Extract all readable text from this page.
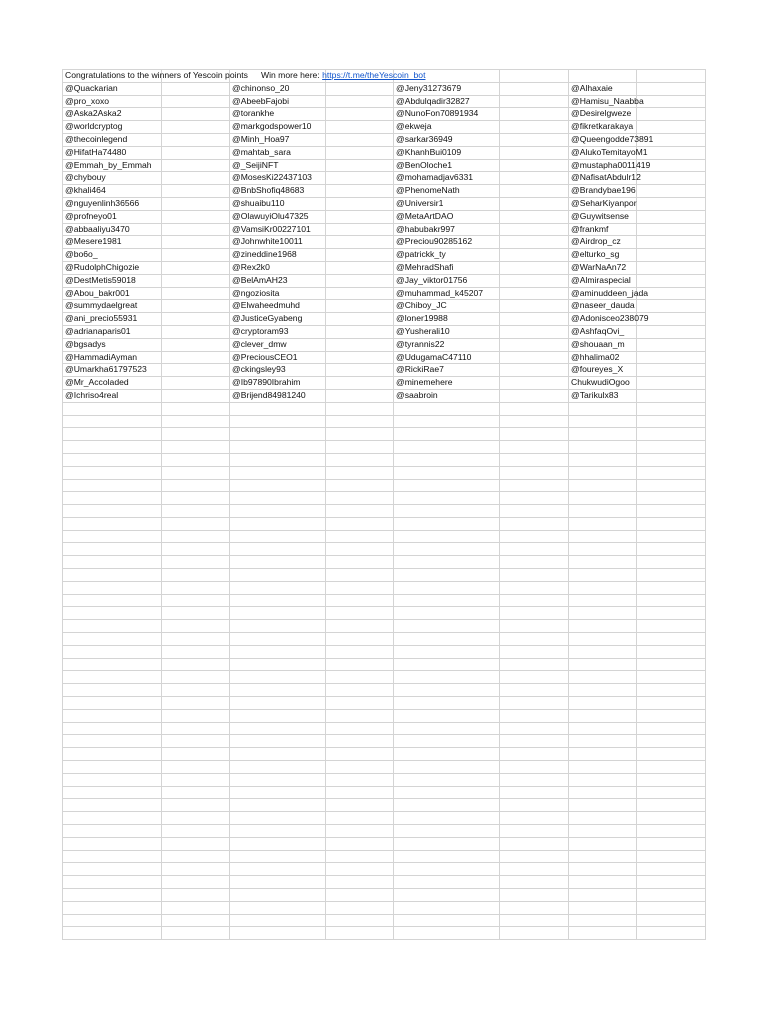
Congratulations to the winners of Yescoin points Win more here: https://t.me/theYescoin_bot							

@Quackarian		@chinonso_20		@Jeny31273679		@Alhaxaie	
@pro_xoxo		@AbeebFajobi		@Abdulqadir32827		@Hamisu_Naabba	
@Aska2Aska2		@torankhe		@NunoFon70891934		@Desirelgweze	
@worldcryptog		@markgodspower10		@ekweja		@fikretkarakaya	
@thecoinlegend		@Minh_Hoa97		@sarkar36949		@Queengodde73891	
@HifatHa74480		@mahtab_sara		@KhanhBui0109		@AlukoTemitayoM1	
@Emmah_by_Emmah		@_SeijiNFT		@BenOloche1		@mustapha0011419	
@chybouy		@MosesKi22437103		@mohamadjav6331		@NafisatAbdulr12	
@khali464		@BnbShofiq48683		@PhenomeNath		@Brandybae196	
@nguyenlinh36566		@shuaibu110		@Universir1		@SeharKiyanpor	
@profneyo01		@OlawuyiOlu47325		@MetaArtDAO		@Guywitsense	
@abbaaliyu3470		@VamsiKr00227101		@habubakr997		@frankmf	
@Mesere1981		@Johnwhite10011		@Preciou90285162		@Airdrop_cz	
@bo6o_		@zineddine1968		@patrickk_ty		@elturko_sg	
@RudolphChigozie		@Rex2k0		@MehradShafi		@WarNaAn72	
@DestMetis59018		@BelAmAH23		@Jay_viktor01756		@Almiraspecial	
@Abou_bakr001		@ngoziosita		@muhammad_k45207		@aminuddeen_jada	
@summydaelgreat		@Elwaheedmuhd		@Chiboy_JC		@naseer_dauda	
@ani_precio55931		@JusticeGyabeng		@loner19988		@Adonisceo238079	
@adrianaparis01		@cryptoram93		@Yusherali10		@AshfaqOvi_	
@bgsadys		@clever_dmw		@tyrannis22		@shouaan_m	
@HammadiAyman		@PreciousCEO1		@UdugamaC47110		@hhalima02	
@Umarkha61797523		@ckingsley93		@RickiRae7		@foureyes_X	
@Mr_Accoladed		@Ib97890Ibrahim		@minemehere		ChukwudiOgoo	
@Ichriso4real		@Brijend84981240		@saabroin		@Tarikulx83	
